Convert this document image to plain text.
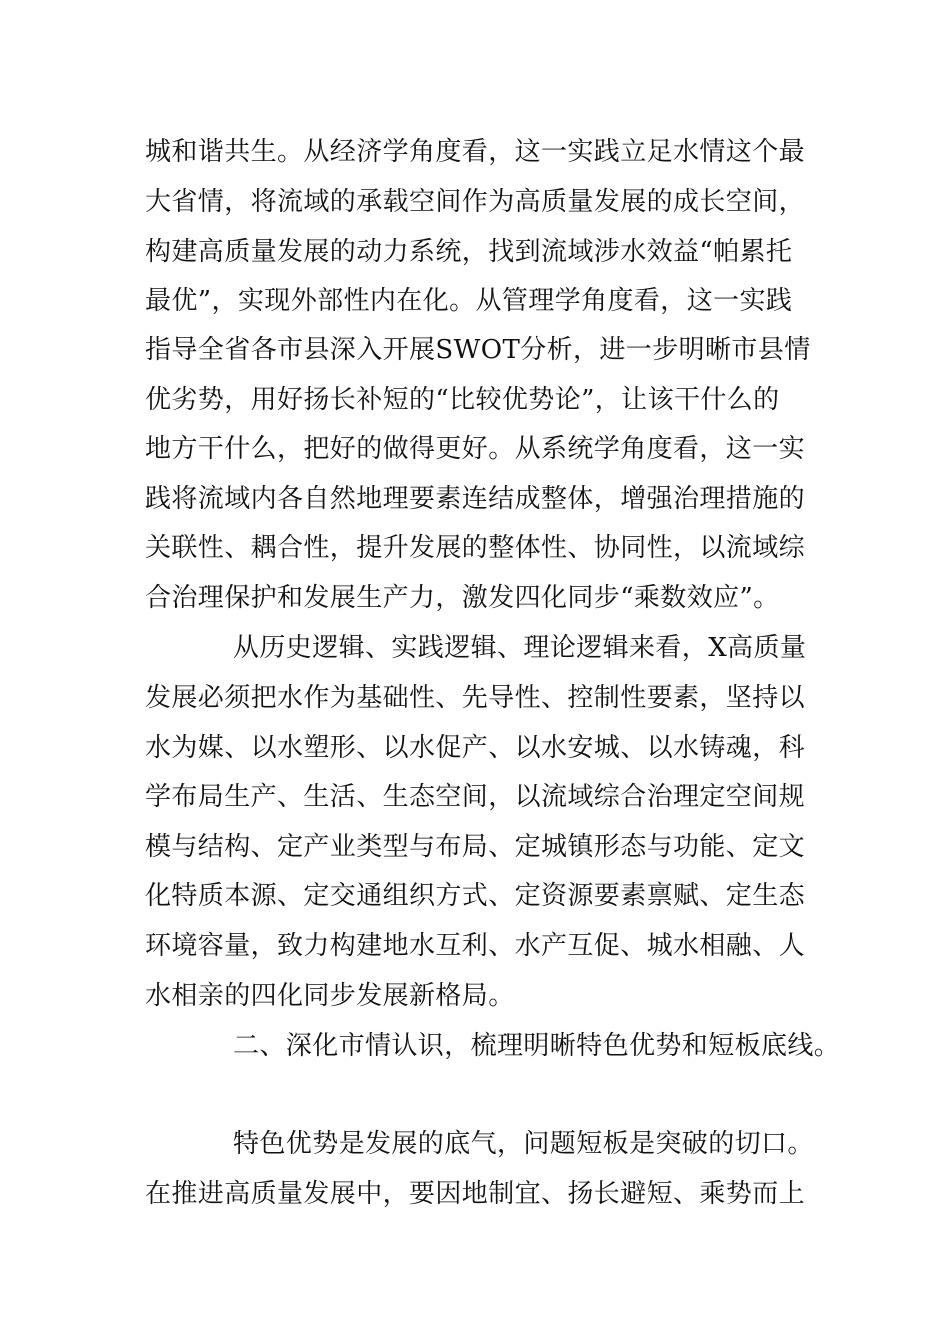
城和谐共生。从经济学角度看，这一实践立足水情这个最
大省情，将流域的承载空间作为高质量发展的成长空间，
构建高质量发展的动力系统，找到流域涉水效益“帕累托
最优”，实现外部性内在化。从管理学角度看，这一实践
指导全省各市县深入开展SWOT分析，进一步明晰市县情
优劣势，用好扬长补短的“比较优势论”，让该干什么的
地方干什么，把好的做得更好。从系统学角度看，这一实
践将流域内各自然地理要素连结成整体，增强治理措施的
关联性、耦合性，提升发展的整体性、协同性，以流域综
合治理保护和发展生产力，激发四化同步“乘数效应”。
从历史逻辑、实践逻辑、理论逻辑来看，X高质量
发展必须把水作为基础性、先导性、控制性要素，坚持以
水为媒、以水塑形、以水促产、以水安城、以水铸魂，科
学布局生产、生活、生态空间，以流域综合治理定空间规
模与结构、定产业类型与布局、定城镇形态与功能、定文
化特质本源、定交通组织方式、定资源要素禀赋、定生态
环境容量，致力构建地水互利、水产互促、城水相融、人
水相亲的四化同步发展新格局。
二、深化市情认识，梳理明晰特色优势和短板底线。
特色优势是发展的底气，问题短板是突破的切口。
在推进高质量发展中，要因地制宜、扬长避短、乘势而上
